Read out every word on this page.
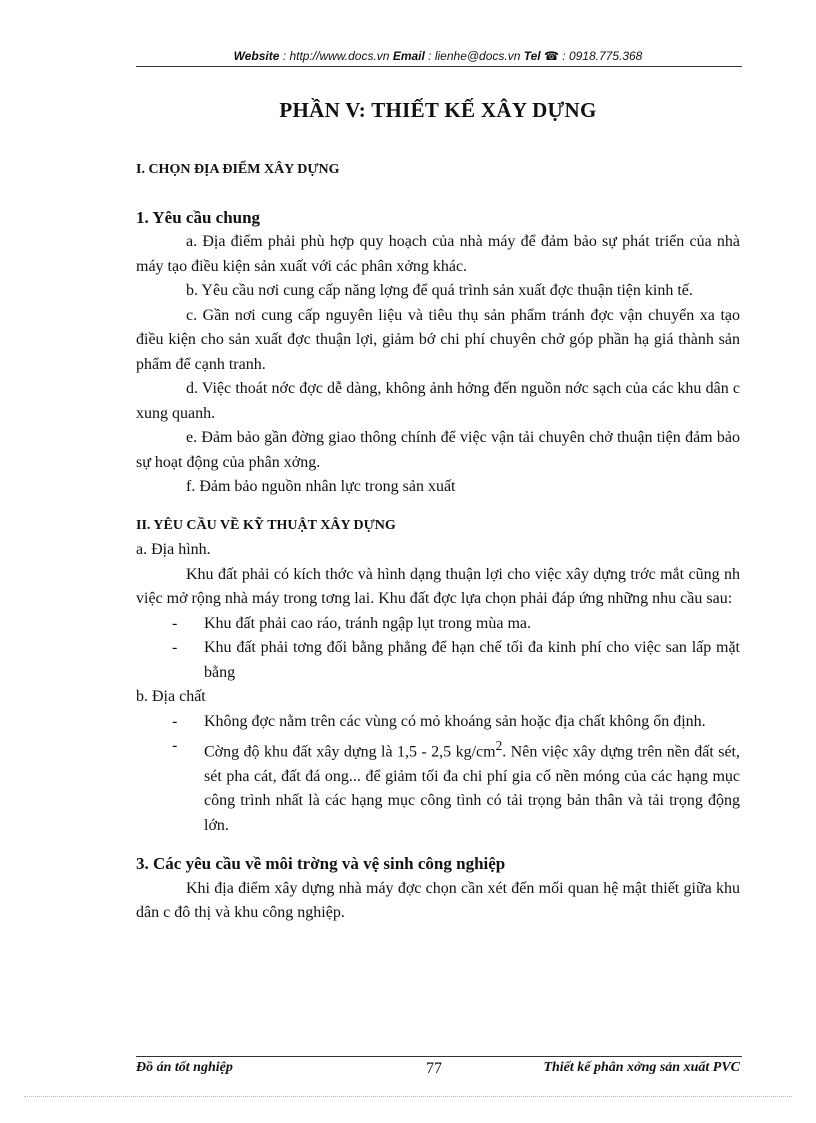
Website : http://www.docs.vn Email : lienhe@docs.vn Tel ☎ : 0918.775.368
PHẦN V: THIẾT KẾ XÂY DỰNG

I. CHỌN ĐỊA ĐIỂM XÂY DỰNG

1. Yêu cầu chung

a. Địa điểm phải phù hợp quy hoạch của nhà máy để đảm bảo sự phát triển của nhà máy tạo điều kiện sản xuất với các phân xởng khác.

b. Yêu cầu nơi cung cấp năng lợng để quá trình sản xuất đợc thuận tiện kinh tế.

c. Gần nơi cung cấp nguyên liệu và tiêu thụ sản phẩm tránh đợc vận chuyển xa tạo điều kiện cho sản xuất đợc thuận lợi, giảm bớ chi phí chuyên chở góp phần hạ giá thành sản phẩm để cạnh tranh.

d. Việc thoát nớc đợc dễ dàng, không ảnh hởng đến nguồn nớc sạch của các khu dân c xung quanh.

e. Đảm bảo gần đờng giao thông chính để việc vận tải chuyên chở thuận tiện đảm bảo sự hoạt động của phân xởng.

f. Đảm bảo nguồn nhân lực trong sản xuất

II. YÊU CẦU VỀ KỸ THUẬT XÂY DỰNG

a. Địa hình.

Khu đất phải có kích thớc và hình dạng thuận lợi cho việc xây dựng trớc mắt cũng nh việc mở rộng nhà máy trong tơng lai. Khu đất đợc lựa chọn phải đáp ứng những nhu cầu sau:

-	Khu đất phải cao ráo, tránh ngập lụt trong mùa ma.
-	Khu đất phải tơng đối bằng phẳng để hạn chế tối đa kinh phí cho việc san lấp mặt bằng

b. Địa chất

-	Không đợc nằm trên các vùng có mỏ khoáng sản hoặc địa chất không ổn định.
-	Cờng độ khu đất xây dựng là 1,5 - 2,5 $kg/cm^2$. Nên việc xây dựng trên nền đất sét, sét pha cát, đất đá ong... để giảm tối đa chi phí gia cố nền móng của các hạng mục công trình nhất là các hạng mục công tình có tải trọng bản thân và tải trọng động lớn.

3. Các yêu cầu về môi trờng và vệ sinh công nghiệp

Khi địa điểm xây dựng nhà máy đợc chọn cần xét đến mối quan hệ mật thiết giữa khu dân c đô thị và khu công nghiệp.

Đồ án tốt nghiệp	77	Thiết kế phân xởng sản xuất PVC
